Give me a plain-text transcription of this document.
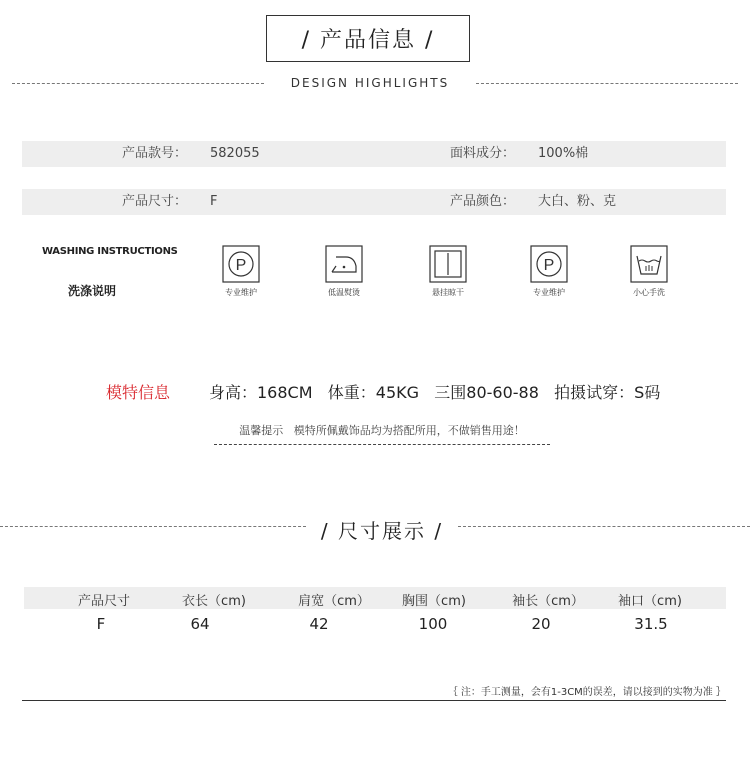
/ 产品信息 /
DESIGN HIGHLIGHTS
产品款号： 582055	面料成分： 100%棉
产品尺寸： F	产品颜色： 大白、粉、克
WASHING INSTRUCTIONS
洗涤说明
P
专业维护	低温熨烫	悬挂晾干
P
专业维护	小心手洗
模特信息 身高：168CM   体重：45KG   三围80-60-88   拍摄试穿：S码
温馨提示   模特所佩戴饰品均为搭配所用，不做销售用途！
/ 尺寸展示 /
产品尺寸	衣长（cm)	肩宽（cm）	胸围（cm)	袖长（cm）	袖口（cm)
F	64	42	100	20	31.5
｛ 注：手工测量，会有1-3CM的误差，请以接到的实物为准 ｝
